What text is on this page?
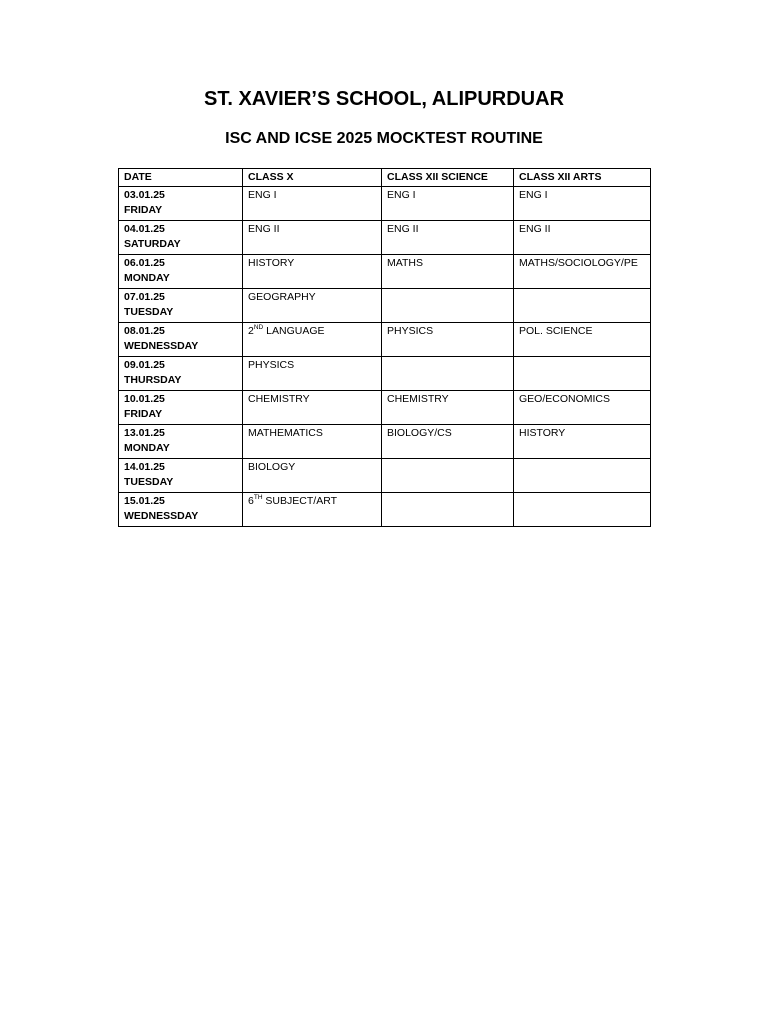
ST. XAVIER’S SCHOOL, ALIPURDUAR
ISC AND ICSE 2025 MOCKTEST ROUTINE
DATE	CLASS X	CLASS XII SCIENCE	CLASS XII ARTS

03.01.25
FRIDAY	ENG I	ENG I	ENG I

04.01.25
SATURDAY	ENG II	ENG II	ENG II

06.01.25
MONDAY	HISTORY	MATHS	MATHS/SOCIOLOGY/PE

07.01.25
TUESDAY	GEOGRAPHY		

08.01.25
WEDNESSDAY	2ND LANGUAGE	PHYSICS	POL. SCIENCE

09.01.25
THURSDAY	PHYSICS		

10.01.25
FRIDAY	CHEMISTRY	CHEMISTRY	GEO/ECONOMICS

13.01.25
MONDAY	MATHEMATICS	BIOLOGY/CS	HISTORY

14.01.25
TUESDAY	BIOLOGY		

15.01.25
WEDNESSDAY	6TH SUBJECT/ART		
